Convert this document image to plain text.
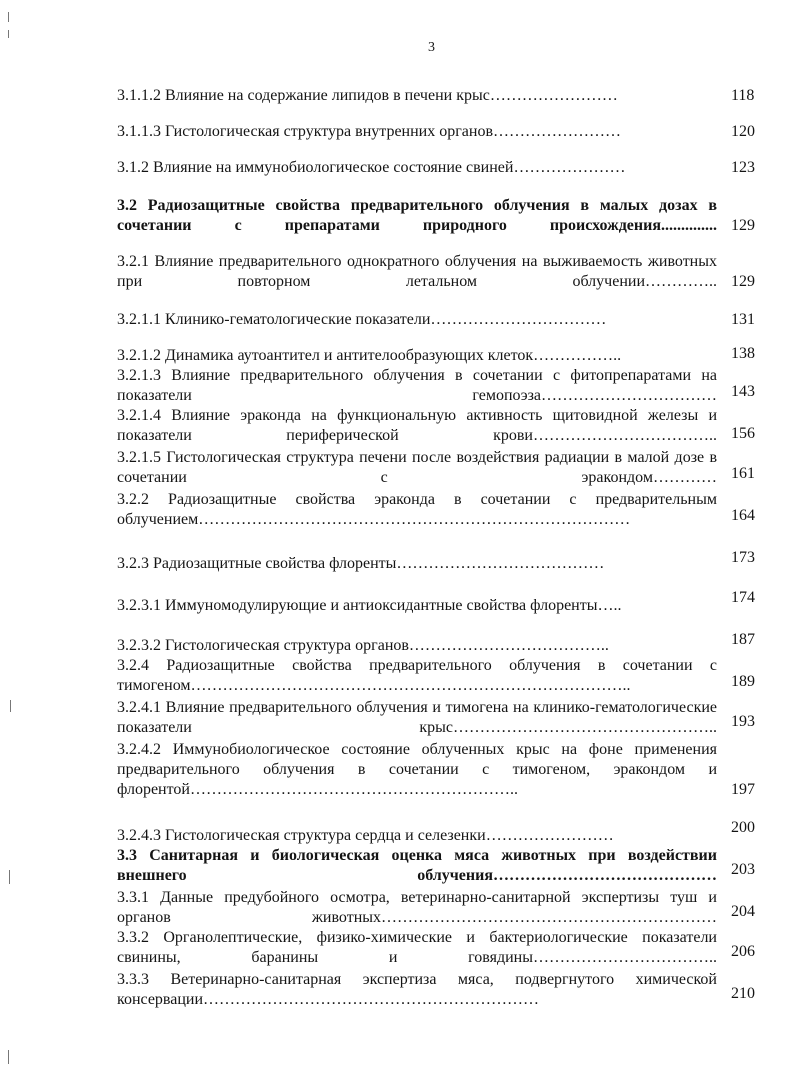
3
3.1.1.2 Влияние на содержание липидов в печени крыс……………………	118
3.1.1.3 Гистологическая структура внутренних органов……………………	120
3.1.2 Влияние на иммунобиологическое состояние свиней…………………	123
3.2 Радиозащитные свойства предварительного облучения в малых дозах в сочетании с препаратами природного происхождения.............. 129
3.2.1 Влияние предварительного однократного облучения на выживаемость животных при повторном летальном облучении………….. 129
3.2.1.1 Клинико-гематологические показатели……………………………	131
3.2.1.2 Динамика аутоантител и антителообразующих клеток……………..	138
3.2.1.3 Влияние предварительного облучения в сочетании с фитопрепаратами на показатели гемопоэза…………………………… 143
3.2.1.4 Влияние эраконда на функциональную активность щитовидной железы и показатели периферической крови…………………………….. 156
3.2.1.5 Гистологическая структура печени после воздействия радиации в малой дозе в сочетании с эракондом………… 161
3.2.2 Радиозащитные свойства эраконда в сочетании с предварительным облучением………………………………………………………………………	164
3.2.3 Радиозащитные свойства флоренты…………………………………	173
3.2.3.1 Иммуномодулирующие и антиоксидантные свойства флоренты…..	174
3.2.3.2 Гистологическая структура органов………………………………..	187
3.2.4 Радиозащитные свойства предварительного облучения в сочетании с тимогеном………………………………………………………………………..	189
3.2.4.1 Влияние предварительного облучения и тимогена на клинико-гематологические показатели крыс………………………………………….. 193
3.2.4.2 Иммунобиологическое состояние облученных крыс на фоне применения предварительного облучения в сочетании с тимогеном, эракондом и флорентой……………………………………………………..	197
3.2.4.3 Гистологическая структура сердца и селезенки……………………	200
3.3 Санитарная и биологическая оценка мяса животных при воздействии внешнего облучения…………………………………… 203
3.3.1 Данные предубойного осмотра, ветеринарно-санитарной экспертизы туш и органов животных……………………………………………………… 204
3.3.2 Органолептические, физико-химические и бактериологические показатели свинины, баранины и говядины…………………………….. 206
3.3.3 Ветеринарно-санитарная экспертиза мяса, подвергнутого химической консервации………………………………………………………	210
